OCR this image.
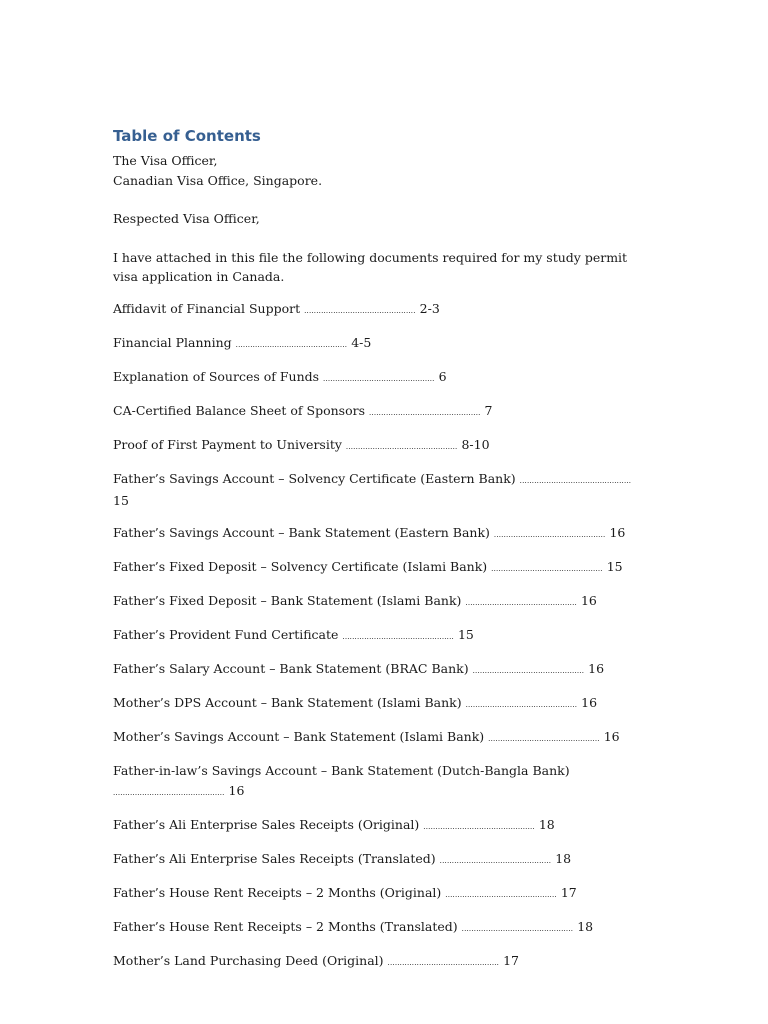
Table of Contents

The Visa Officer,

Canadian Visa Office, Singapore.

Respected Visa Officer,

I have attached in this file the following documents required for my study permit visa application in Canada.

Affidavit of Financial Support .............................................. 2-3

Financial Planning .............................................. 4-5

Explanation of Sources of Funds .............................................. 6

CA-Certified Balance Sheet of Sponsors .............................................. 7

Proof of First Payment to University .............................................. 8-10

Father’s Savings Account – Solvency Certificate (Eastern Bank) .............................................. 15

Father’s Savings Account – Bank Statement (Eastern Bank) .............................................. 16

Father’s Fixed Deposit – Solvency Certificate (Islami Bank) .............................................. 15

Father’s Fixed Deposit – Bank Statement (Islami Bank) .............................................. 16

Father’s Provident Fund Certificate .............................................. 15

Father’s Salary Account – Bank Statement (BRAC Bank) .............................................. 16

Mother’s DPS Account – Bank Statement (Islami Bank) .............................................. 16

Mother’s Savings Account – Bank Statement (Islami Bank) .............................................. 16

Father-in-law’s Savings Account – Bank Statement (Dutch-Bangla Bank) .............................................. 16

Father’s Ali Enterprise Sales Receipts (Original) .............................................. 18

Father’s Ali Enterprise Sales Receipts (Translated) .............................................. 18

Father’s House Rent Receipts – 2 Months (Original) .............................................. 17

Father’s House Rent Receipts – 2 Months (Translated) .............................................. 18

Mother’s Land Purchasing Deed (Original) .............................................. 17
